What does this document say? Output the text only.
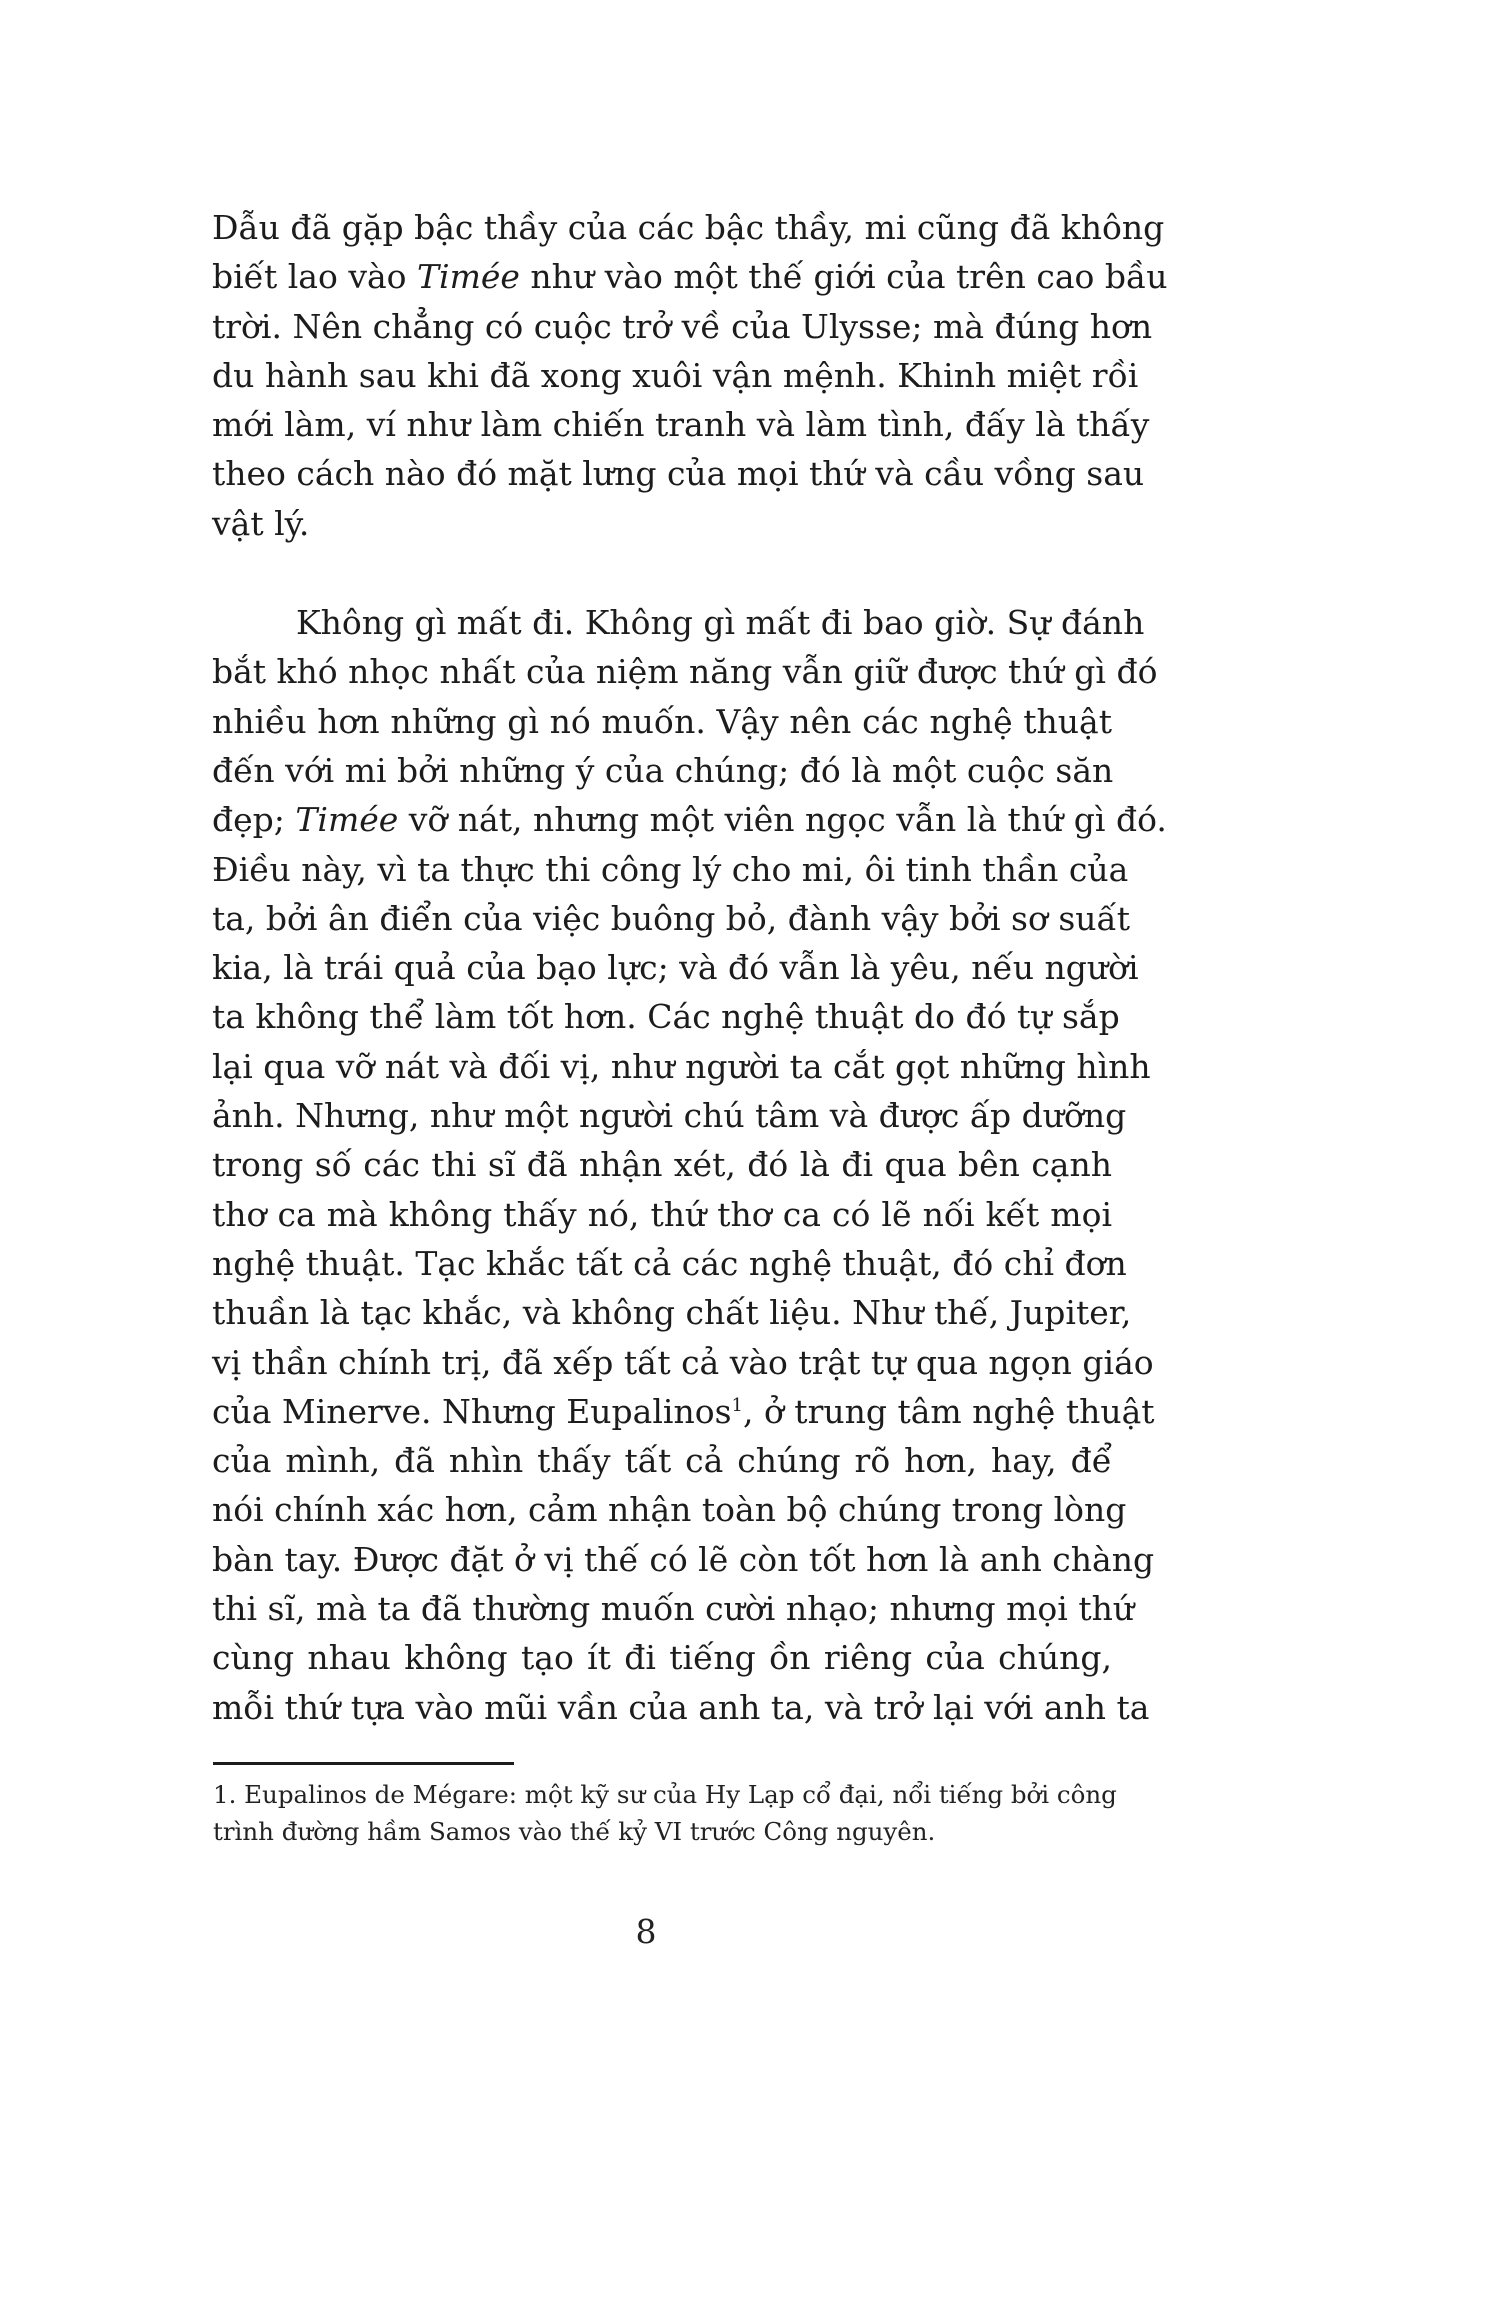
Dẫu đã gặp bậc thầy của các bậc thầy, mi cũng đã không
biết lao vào Timée như vào một thế giới của trên cao bầu
trời. Nên chẳng có cuộc trở về của Ulysse; mà đúng hơn
du hành sau khi đã xong xuôi vận mệnh. Khinh miệt rồi
mới làm, ví như làm chiến tranh và làm tình, đấy là thấy
theo cách nào đó mặt lưng của mọi thứ và cầu vồng sau
vật lý.
Không gì mất đi. Không gì mất đi bao giờ. Sự đánh
bắt khó nhọc nhất của niệm năng vẫn giữ được thứ gì đó
nhiều hơn những gì nó muốn. Vậy nên các nghệ thuật
đến với mi bởi những ý của chúng; đó là một cuộc săn
đẹp; Timée vỡ nát, nhưng một viên ngọc vẫn là thứ gì đó.
Điều này, vì ta thực thi công lý cho mi, ôi tinh thần của
ta, bởi ân điển của việc buông bỏ, đành vậy bởi sơ suất
kia, là trái quả của bạo lực; và đó vẫn là yêu, nếu người
ta không thể làm tốt hơn. Các nghệ thuật do đó tự sắp
lại qua vỡ nát và đối vị, như người ta cắt gọt những hình
ảnh. Nhưng, như một người chú tâm và được ấp dưỡng
trong số các thi sĩ đã nhận xét, đó là đi qua bên cạnh
thơ ca mà không thấy nó, thứ thơ ca có lẽ nối kết mọi
nghệ thuật. Tạc khắc tất cả các nghệ thuật, đó chỉ đơn
thuần là tạc khắc, và không chất liệu. Như thế, Jupiter,
vị thần chính trị, đã xếp tất cả vào trật tự qua ngọn giáo
của Minerve. Nhưng Eupalinos$^1$, ở trung tâm nghệ thuật
của mình, đã nhìn thấy tất cả chúng rõ hơn, hay, để
nói chính xác hơn, cảm nhận toàn bộ chúng trong lòng
bàn tay. Được đặt ở vị thế có lẽ còn tốt hơn là anh chàng
thi sĩ, mà ta đã thường muốn cười nhạo; nhưng mọi thứ
cùng nhau không tạo ít đi tiếng ồn riêng của chúng,
mỗi thứ tựa vào mũi vần của anh ta, và trở lại với anh ta
1. Eupalinos de Mégare: một kỹ sư của Hy Lạp cổ đại, nổi tiếng bởi công
trình đường hầm Samos vào thế kỷ VI trước Công nguyên.
8
